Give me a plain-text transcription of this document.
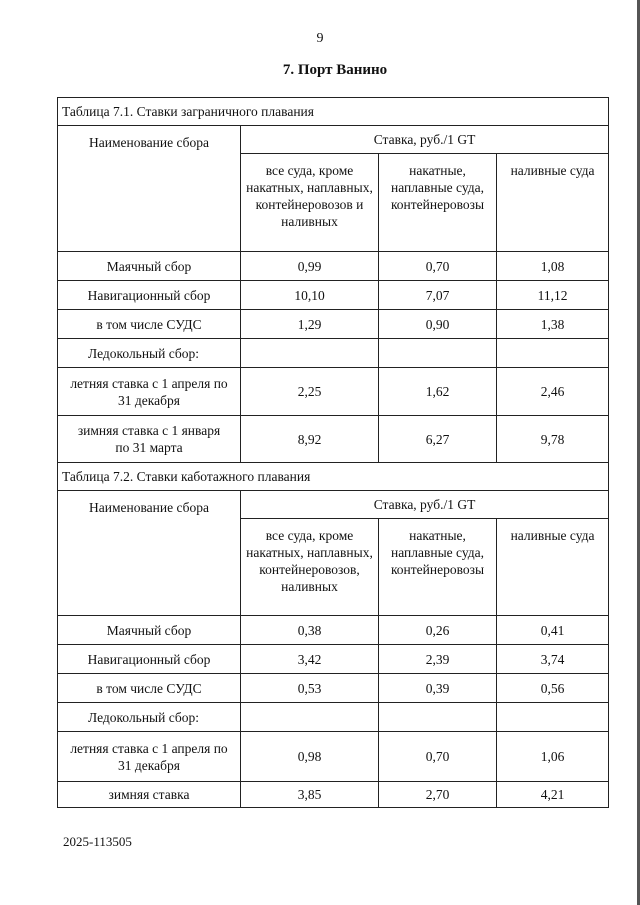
9
7. Порт Ванино
Таблица 7.1. Ставки заграничного плавания			
Наименование сбора	Ставка, руб./1 GT		
	все суда, кроме накатных, наплавных, контейнеровозов и наливных	накатные, наплавные суда, контейнеровозы	наливные суда
Маячный сбор	0,99	0,70	1,08
Навигационный сбор	10,10	7,07	11,12
в том числе СУДС	1,29	0,90	1,38
Ледокольный сбор:			
летняя ставка с 1 апреля по 31 декабря	2,25	1,62	2,46
зимняя ставка с 1 января по 31 марта	8,92	6,27	9,78
Таблица 7.2. Ставки каботажного плавания			
Наименование сбора	Ставка, руб./1 GT		
	все суда, кроме накатных, наплавных, контейнеровозов, наливных	накатные, наплавные суда, контейнеровозы	наливные суда
Маячный сбор	0,38	0,26	0,41
Навигационный сбор	3,42	2,39	3,74
в том числе СУДС	0,53	0,39	0,56
Ледокольный сбор:			
летняя ставка с 1 апреля по 31 декабря	0,98	0,70	1,06
зимняя ставка	3,85	2,70	4,21
2025-113505
